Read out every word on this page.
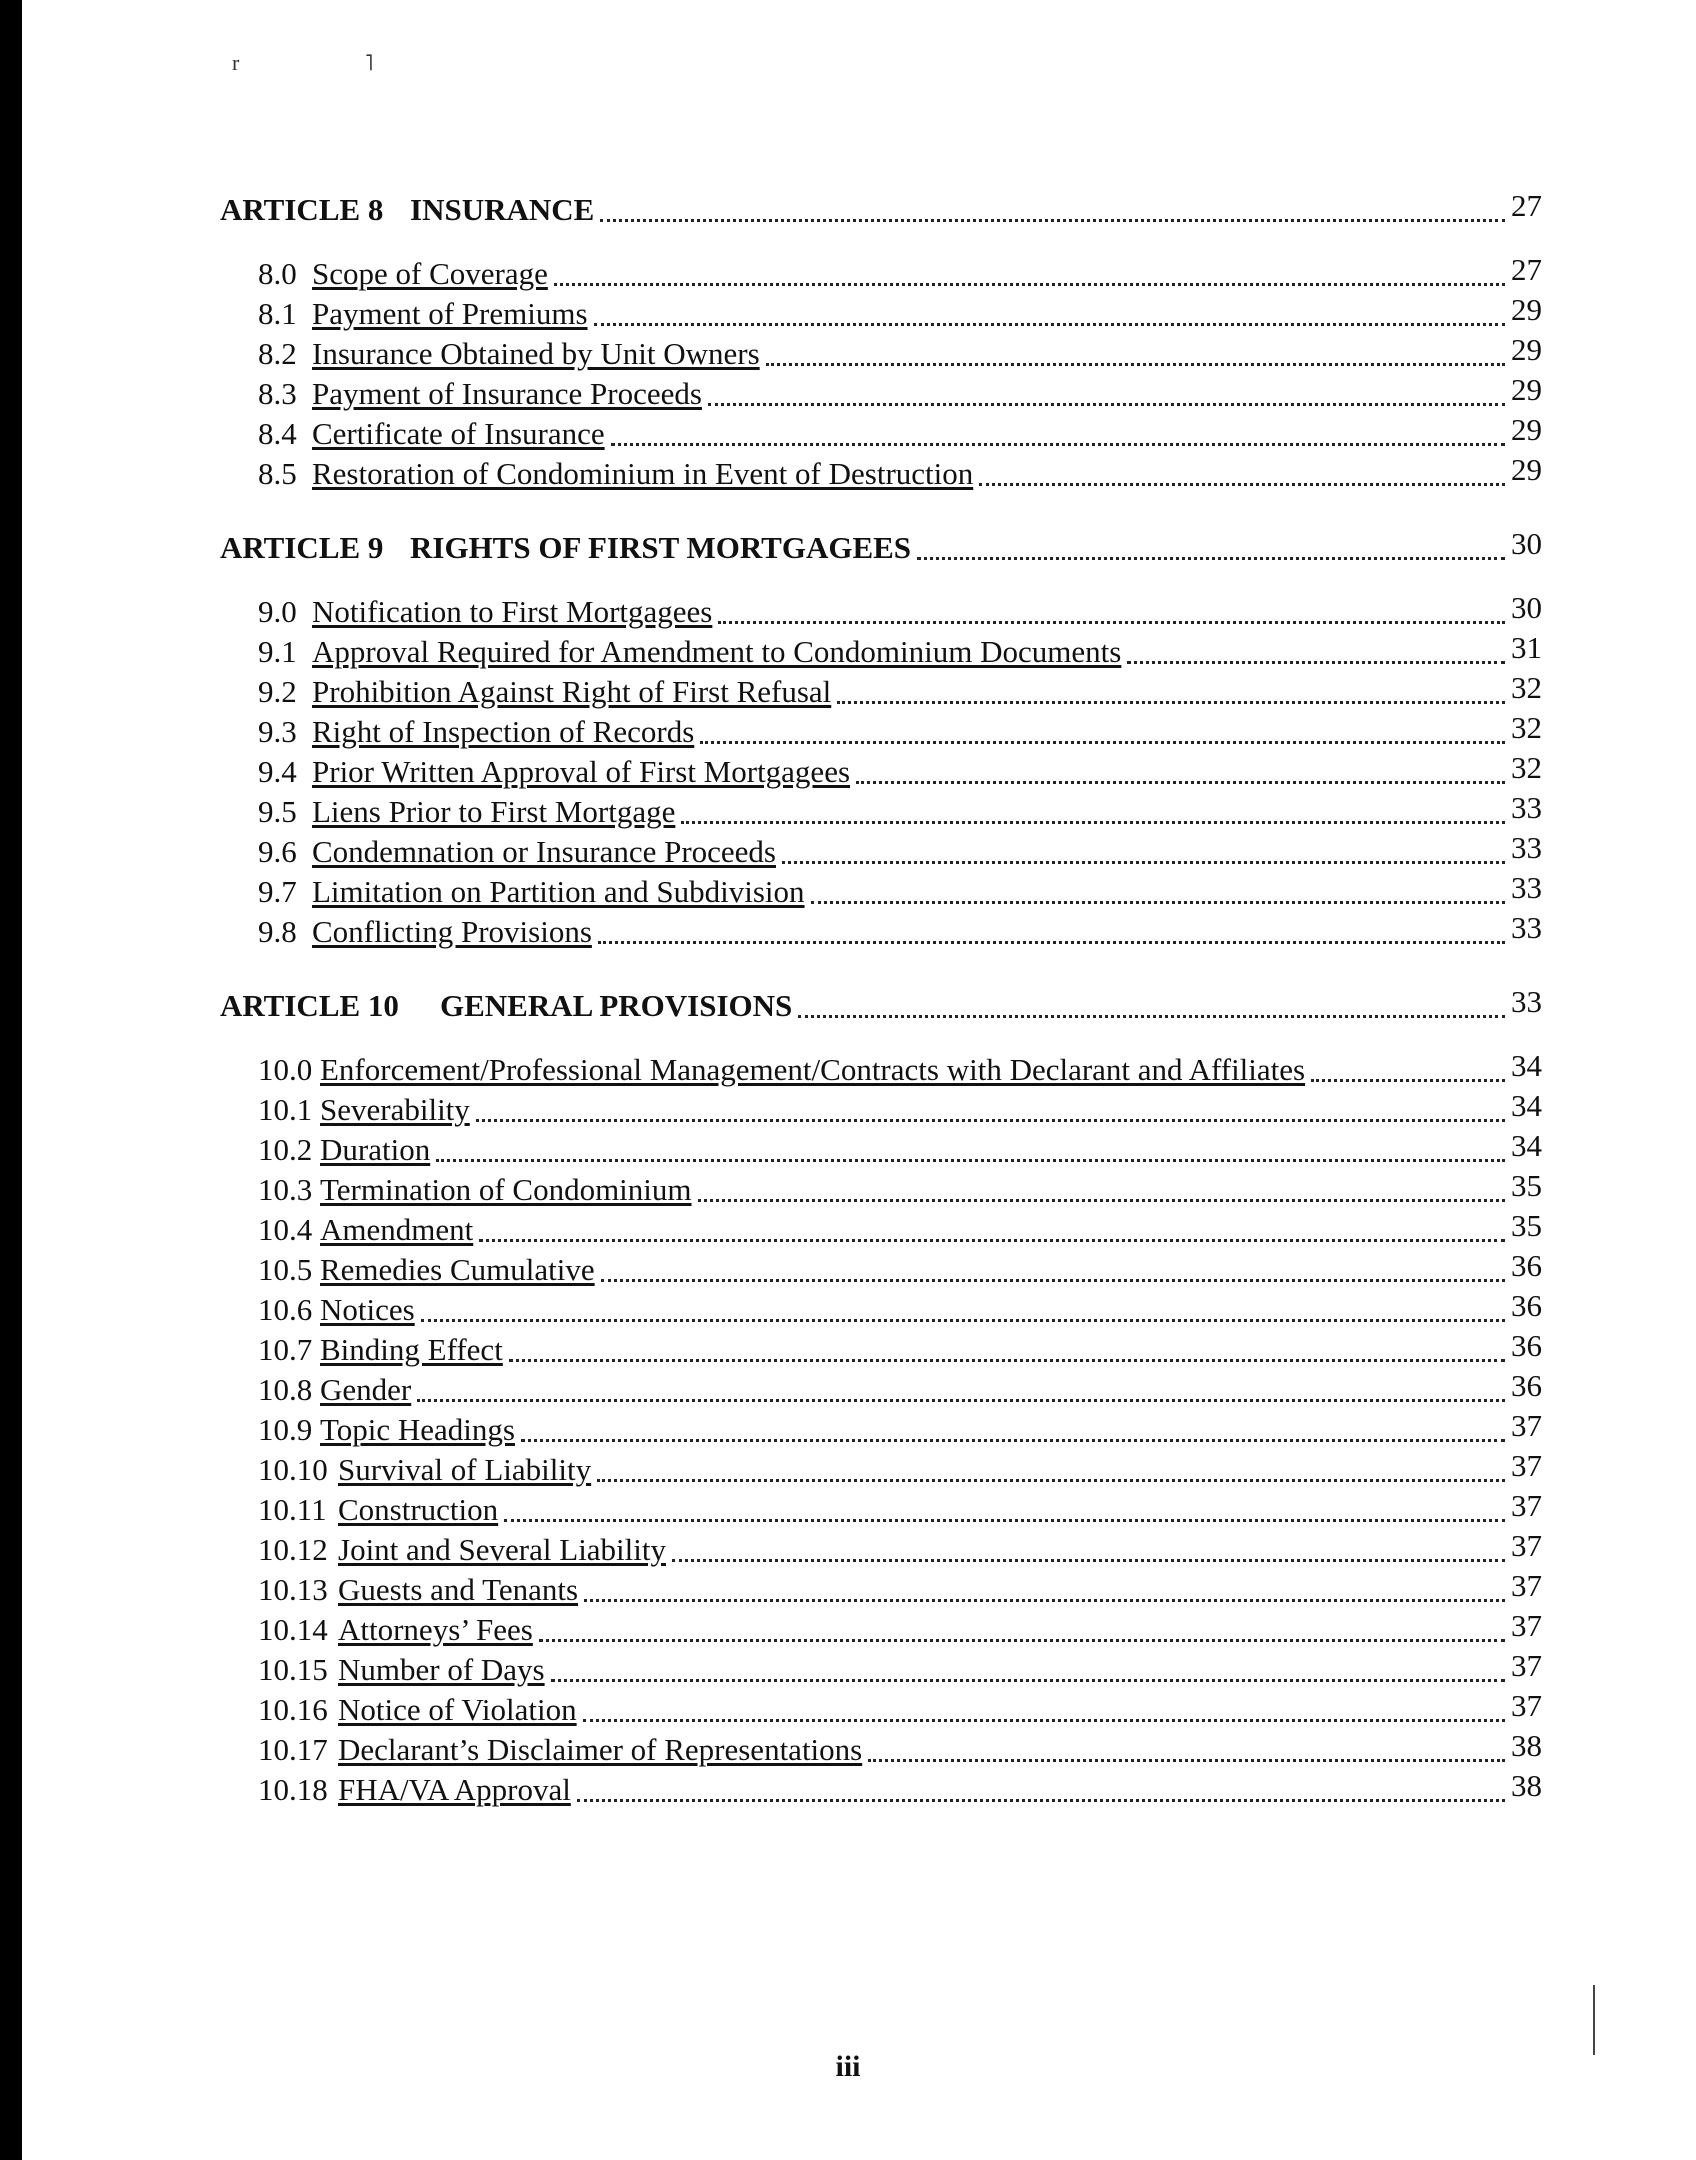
r ˥
ARTICLE 8 INSURANCE	27
8.0 Scope of Coverage	27
8.1 Payment of Premiums	29
8.2 Insurance Obtained by Unit Owners	29
8.3 Payment of Insurance Proceeds	29
8.4 Certificate of Insurance	29
8.5 Restoration of Condominium in Event of Destruction	29
ARTICLE 9 RIGHTS OF FIRST MORTGAGEES	30
9.0 Notification to First Mortgagees	30
9.1 Approval Required for Amendment to Condominium Documents	31
9.2 Prohibition Against Right of First Refusal	32
9.3 Right of Inspection of Records	32
9.4 Prior Written Approval of First Mortgagees	32
9.5 Liens Prior to First Mortgage	33
9.6 Condemnation or Insurance Proceeds	33
9.7 Limitation on Partition and Subdivision	33
9.8 Conflicting Provisions	33
ARTICLE 10 GENERAL PROVISIONS	33
10.0 Enforcement/Professional Management/Contracts with Declarant and Affiliates	34
10.1 Severability	34
10.2 Duration	34
10.3 Termination of Condominium	35
10.4 Amendment	35
10.5 Remedies Cumulative	36
10.6 Notices	36
10.7 Binding Effect	36
10.8 Gender	36
10.9 Topic Headings	37
10.10 Survival of Liability	37
10.11 Construction	37
10.12 Joint and Several Liability	37
10.13 Guests and Tenants	37
10.14 Attorneys’ Fees	37
10.15 Number of Days	37
10.16 Notice of Violation	37
10.17 Declarant’s Disclaimer of Representations	38
10.18 FHA/VA Approval	38
iii
